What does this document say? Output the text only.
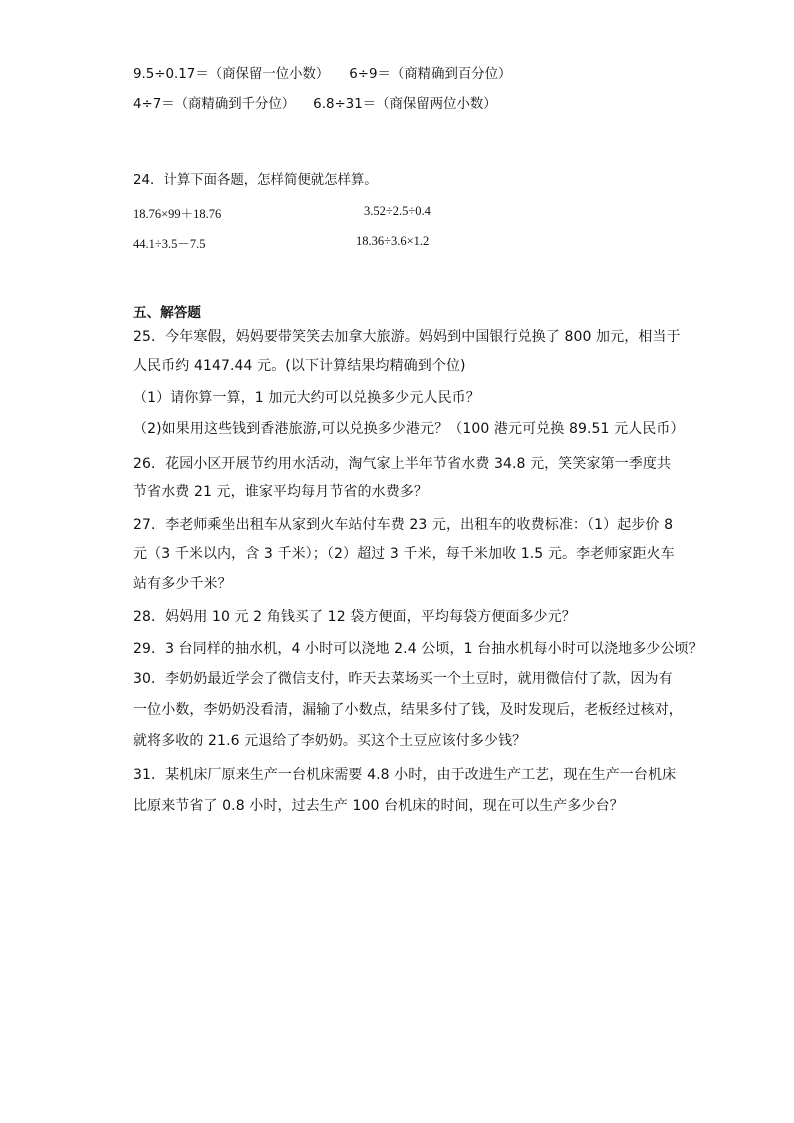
9.5÷0.17＝（商保留一位小数） 6÷9＝（商精确到百分位）
4÷7＝（商精确到千分位） 6.8÷31＝（商保留两位小数）
24．计算下面各题，怎样简便就怎样算。
18.76×99＋18.76	3.52÷2.5÷0.4
44.1÷3.5－7.5	18.36÷3.6×1.2
五、解答题
25．今年寒假，妈妈要带笑笑去加拿大旅游。妈妈到中国银行兑换了 800 加元，相当于
人民币约 4147.44 元。(以下计算结果均精确到个位)
（1）请你算一算，1 加元大约可以兑换多少元人民币？
（2)如果用这些钱到香港旅游,可以兑换多少港元？（100 港元可兑换 89.51 元人民币）
26．花园小区开展节约用水活动，淘气家上半年节省水费 34.8 元，笑笑家第一季度共
节省水费 21 元，谁家平均每月节省的水费多？
27．李老师乘坐出租车从家到火车站付车费 23 元，出租车的收费标准：（1）起步价 8
元（3 千米以内，含 3 千米）；（2）超过 3 千米，每千米加收 1.5 元。李老师家距火车
站有多少千米？
28．妈妈用 10 元 2 角钱买了 12 袋方便面，平均每袋方便面多少元？
29．3 台同样的抽水机，4 小时可以浇地 2.4 公顷，1 台抽水机每小时可以浇地多少公顷？
30．李奶奶最近学会了微信支付，昨天去菜场买一个土豆时，就用微信付了款，因为有
一位小数，李奶奶没看清，漏输了小数点，结果多付了钱，及时发现后，老板经过核对，
就将多收的 21.6 元退给了李奶奶。买这个土豆应该付多少钱？
31．某机床厂原来生产一台机床需要 4.8 小时，由于改进生产工艺，现在生产一台机床
比原来节省了 0.8 小时，过去生产 100 台机床的时间，现在可以生产多少台？
